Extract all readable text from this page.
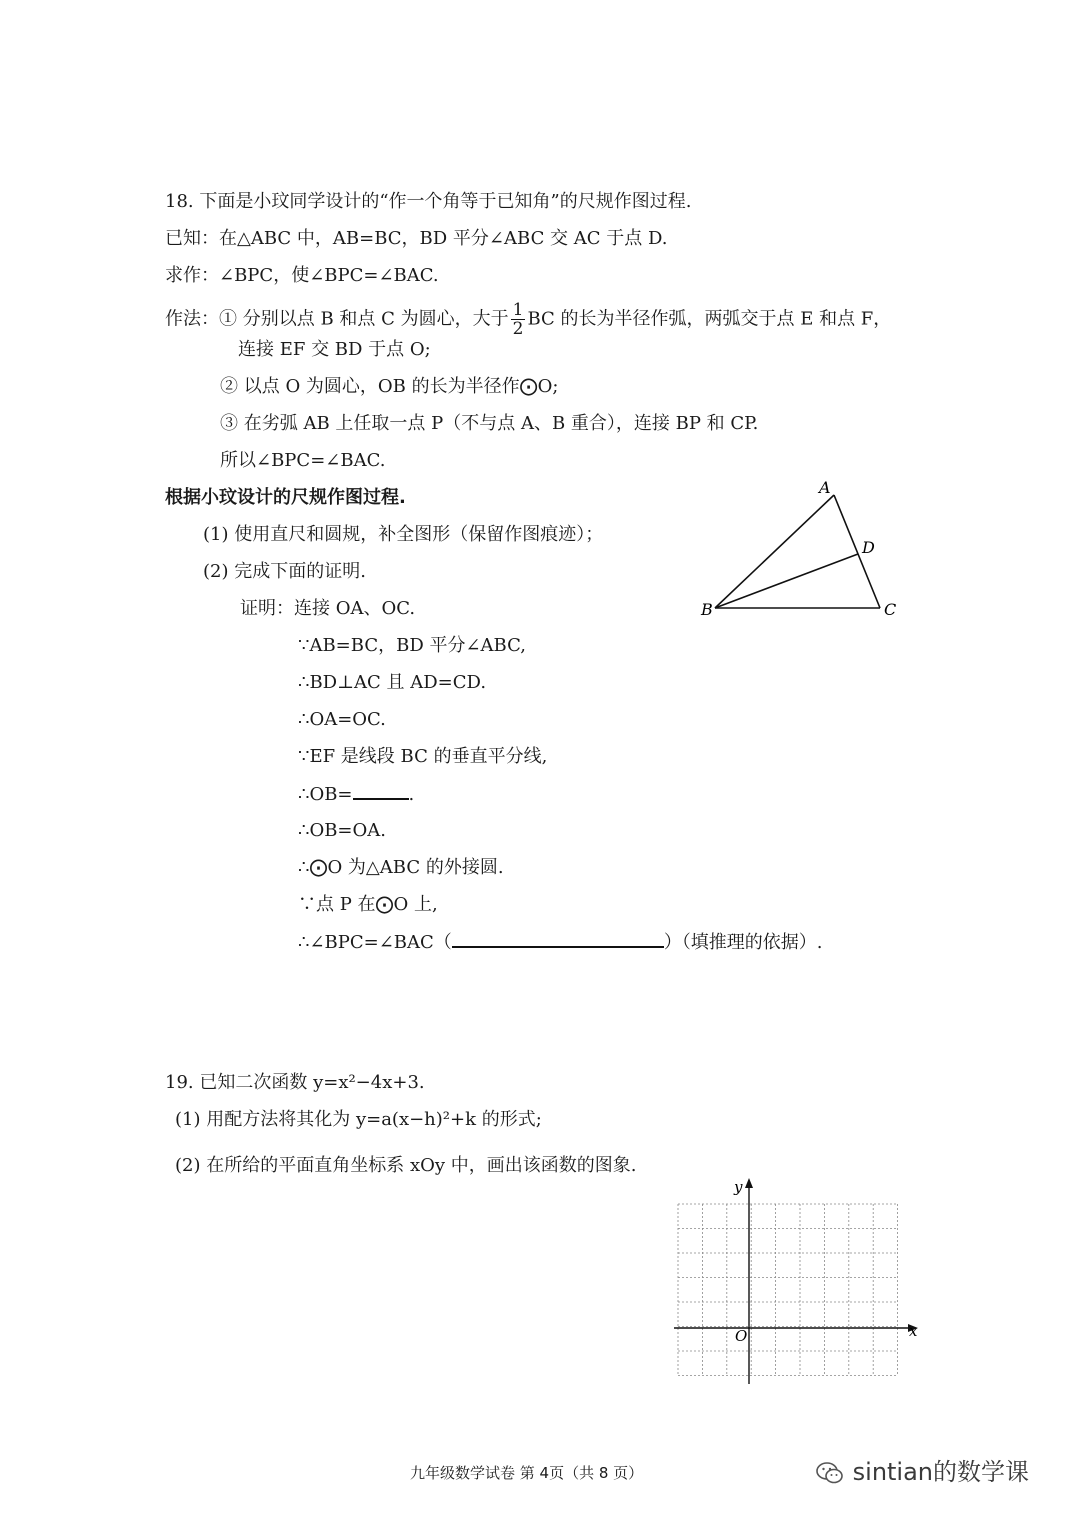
18. 下面是小玟同学设计的“作一个角等于已知角”的尺规作图过程.
已知：在△ABC 中，AB=BC，BD 平分∠ABC 交 AC 于点 D.
求作：∠BPC，使∠BPC=∠BAC.
作法：① 分别以点 B 和点 C 为圆心，大于 $\frac{1}{2}$ BC 的长为半径作弧，两弧交于点 E 和点 F，
连接 EF 交 BD 于点 O;
② 以点 O 为圆心，OB 的长为半径作⨀O;
③ 在劣弧 AB 上任取一点 P（不与点 A、B 重合），连接 BP 和 CP.
所以∠BPC=∠BAC.
根据小玟设计的尺规作图过程.
(1) 使用直尺和圆规，补全图形（保留作图痕迹）；
(2) 完成下面的证明.
证明：连接 OA、OC.
∵AB=BC，BD 平分∠ABC,
∴BD⊥AC 且 AD=CD.
∴OA=OC.
∵EF 是线段 BC 的垂直平分线,
∴OB=	.
∴OB=OA.
∴⨀O 为△ABC 的外接圆.
∵点 P 在⨀O 上,
∴∠BPC=∠BAC（	）（填推理的依据）.
A
B	C
D
19. 已知二次函数 y=x²−4x+3.
(1) 用配方法将其化为 y=a(x−h)²+k 的形式;
(2) 在所给的平面直角坐标系 xOy 中，画出该函数的图象.
x
y
O
九年级数学试卷 第 4页（共 8 页）	sintian的数学课
